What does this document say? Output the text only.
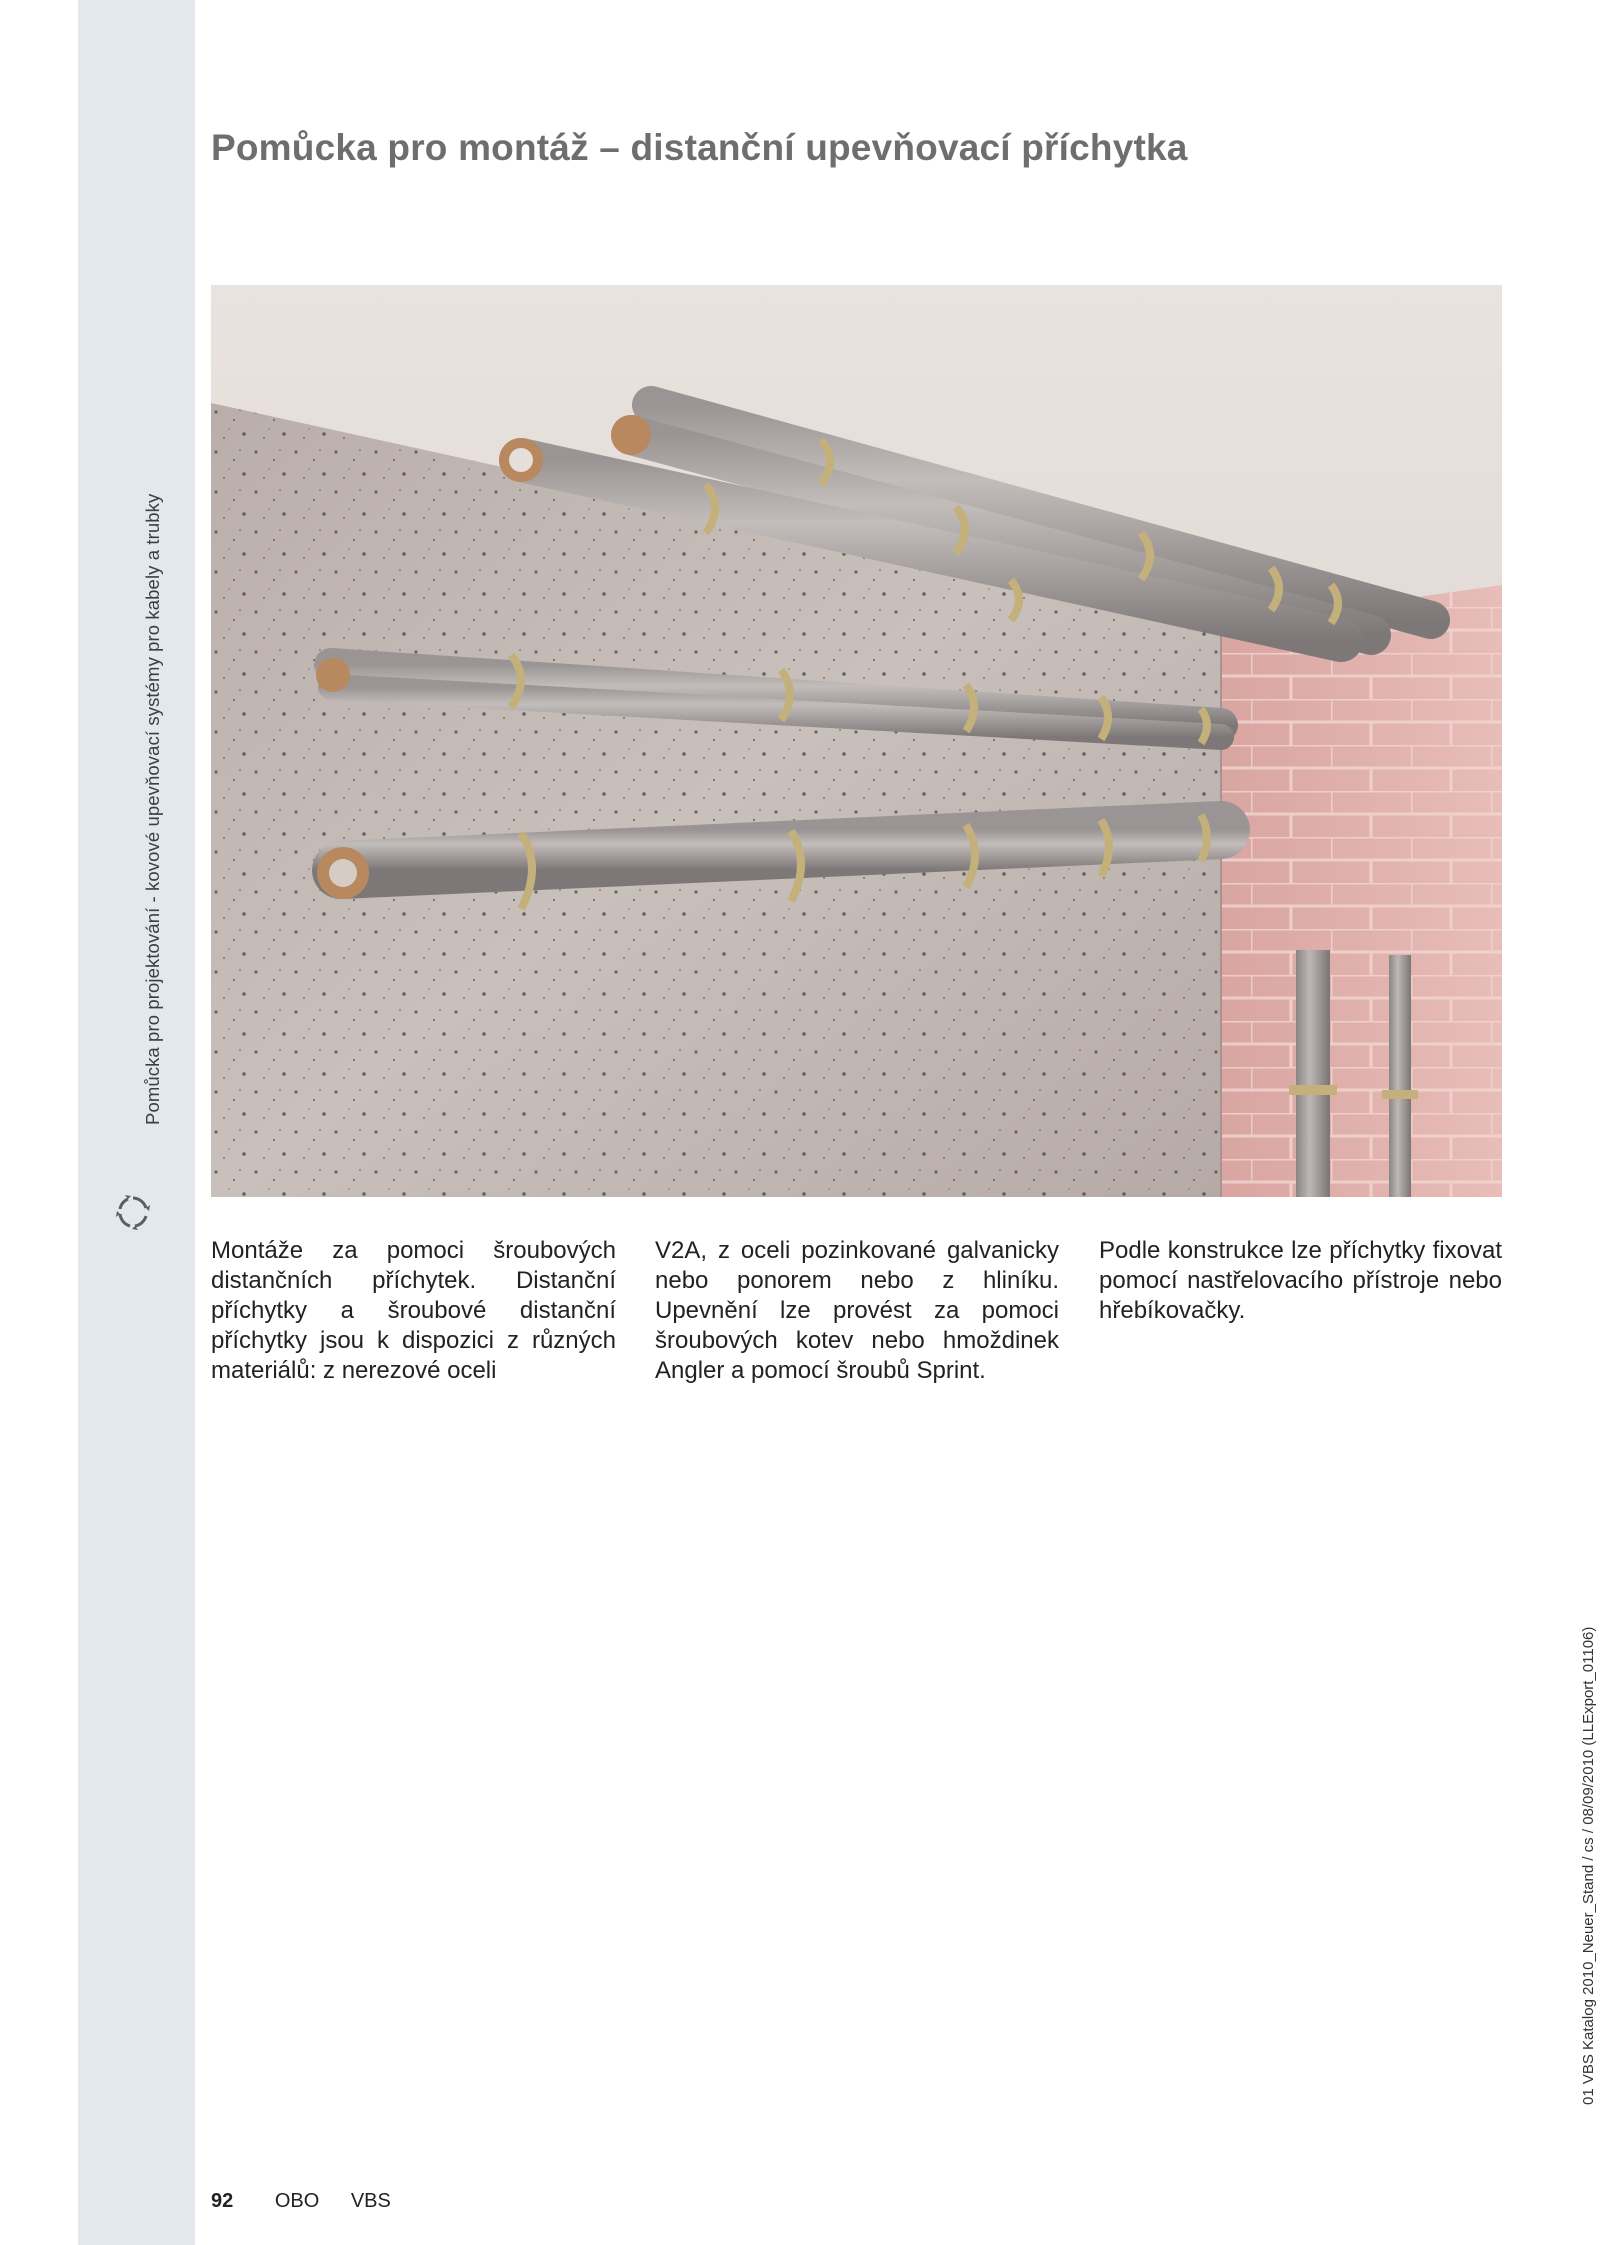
Pomůcka pro projektování - kovové upevňovací systémy pro kabely a trubky
Pomůcka pro montáž – distanční upevňovací příchytka

Montáže za pomoci šroubových distančních příchytek. Distanční příchytky a šroubové distanční příchytky jsou k dispozici z různých materiálů: z nerezové oceli

V2A, z oceli pozinkované galvanicky nebo ponorem nebo z hliníku. Upevnění lze provést za pomoci šroubových kotev nebo hmoždinek Angler a pomocí šroubů Sprint.

Podle konstrukce lze příchytky fixovat pomocí nastřelovacího přístroje nebo hřebíkovačky.

92 OBO VBS
01 VBS Katalog 2010_Neuer_Stand / cs / 08/09/2010 (LLExport_01106)
